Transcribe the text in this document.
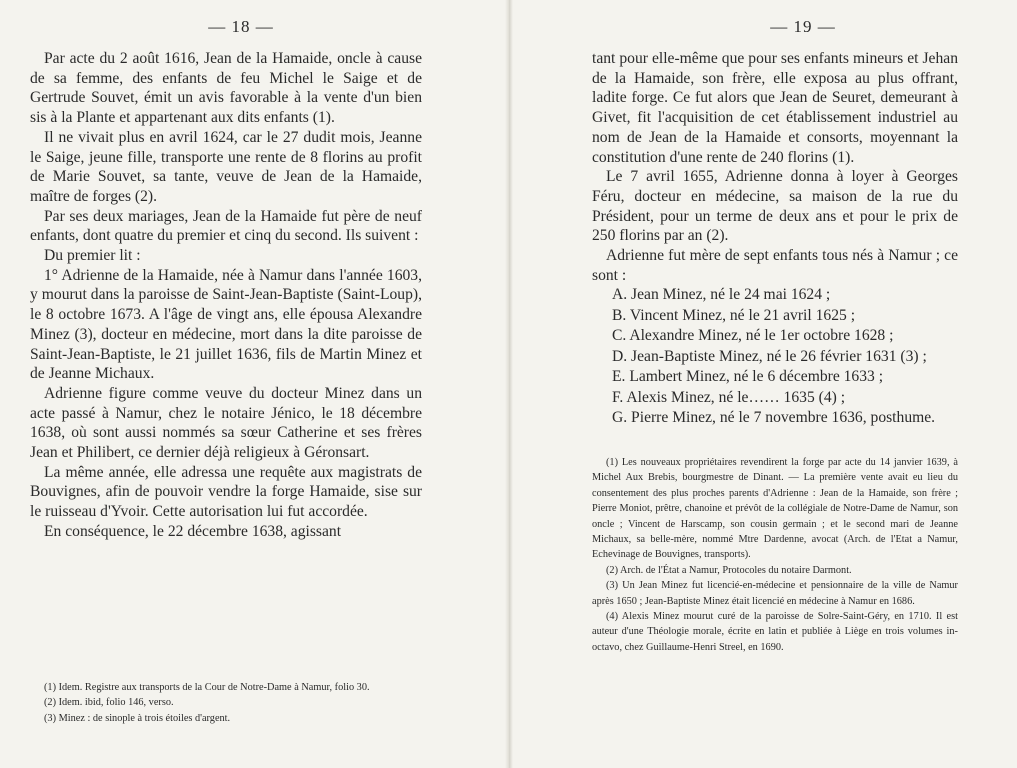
— 18 —

Par acte du 2 août 1616, Jean de la Hamaide, oncle à cause de sa femme, des enfants de feu Michel le Saige et de Gertrude Souvet, émit un avis favorable à la vente d'un bien sis à la Plante et appartenant aux dits enfants (1).

Il ne vivait plus en avril 1624, car le 27 dudit mois, Jeanne le Saige, jeune fille, transporte une rente de 8 florins au profit de Marie Souvet, sa tante, veuve de Jean de la Hamaide, maître de forges (2).

Par ses deux mariages, Jean de la Hamaide fut père de neuf enfants, dont quatre du premier et cinq du second. Ils suivent :

Du premier lit :

1° Adrienne de la Hamaide, née à Namur dans l'année 1603, y mourut dans la paroisse de Saint-Jean-Baptiste (Saint-Loup), le 8 octobre 1673. A l'âge de vingt ans, elle épousa Alexandre Minez (3), docteur en médecine, mort dans la dite paroisse de Saint-Jean-Baptiste, le 21 juillet 1636, fils de Martin Minez et de Jeanne Michaux.

Adrienne figure comme veuve du docteur Minez dans un acte passé à Namur, chez le notaire Jénico, le 18 décembre 1638, où sont aussi nommés sa sœur Catherine et ses frères Jean et Philibert, ce dernier déjà religieux à Géronsart.

La même année, elle adressa une requête aux magistrats de Bouvignes, afin de pouvoir vendre la forge Hamaide, sise sur le ruisseau d'Yvoir. Cette autorisation lui fut accordée.

En conséquence, le 22 décembre 1638, agissant

(1) Idem. Registre aux transports de la Cour de Notre-Dame à Namur, folio 30.

(2) Idem. ibid, folio 146, verso.

(3) Minez : de sinople à trois étoiles d'argent.

— 19 —

tant pour elle-même que pour ses enfants mineurs et Jehan de la Hamaide, son frère, elle exposa au plus offrant, ladite forge. Ce fut alors que Jean de Seuret, demeurant à Givet, fit l'acquisition de cet établissement industriel au nom de Jean de la Hamaide et consorts, moyennant la constitution d'une rente de 240 florins (1).

Le 7 avril 1655, Adrienne donna à loyer à Georges Féru, docteur en médecine, sa maison de la rue du Président, pour un terme de deux ans et pour le prix de 250 florins par an (2).

Adrienne fut mère de sept enfants tous nés à Namur ; ce sont :

A. Jean Minez, né le 24 mai 1624 ;
B. Vincent Minez, né le 21 avril 1625 ;
C. Alexandre Minez, né le 1er octobre 1628 ;
D. Jean-Baptiste Minez, né le 26 février 1631 (3) ;
E. Lambert Minez, né le 6 décembre 1633 ;
F. Alexis Minez, né le…… 1635 (4) ;
G. Pierre Minez, né le 7 novembre 1636, posthume.

(1) Les nouveaux propriétaires revendirent la forge par acte du 14 janvier 1639, à Michel Aux Brebis, bourgmestre de Dinant. — La première vente avait eu lieu du consentement des plus proches parents d'Adrienne : Jean de la Hamaide, son frère ; Pierre Moniot, prêtre, chanoine et prévôt de la collégiale de Notre-Dame de Namur, son oncle ; Vincent de Harscamp, son cousin germain ; et le second mari de Jeanne Michaux, sa belle-mère, nommé Mtre Dardenne, avocat (Arch. de l'Etat a Namur, Echevinage de Bouvignes, transports).

(2) Arch. de l'État a Namur, Protocoles du notaire Darmont.

(3) Un Jean Minez fut licencié-en-médecine et pensionnaire de la ville de Namur après 1650 ; Jean-Baptiste Minez était licencié en médecine à Namur en 1686.

(4) Alexis Minez mourut curé de la paroisse de Solre-Saint-Géry, en 1710. Il est auteur d'une Théologie morale, écrite en latin et publiée à Liège en trois volumes in-octavo, chez Guillaume-Henri Streel, en 1690.
